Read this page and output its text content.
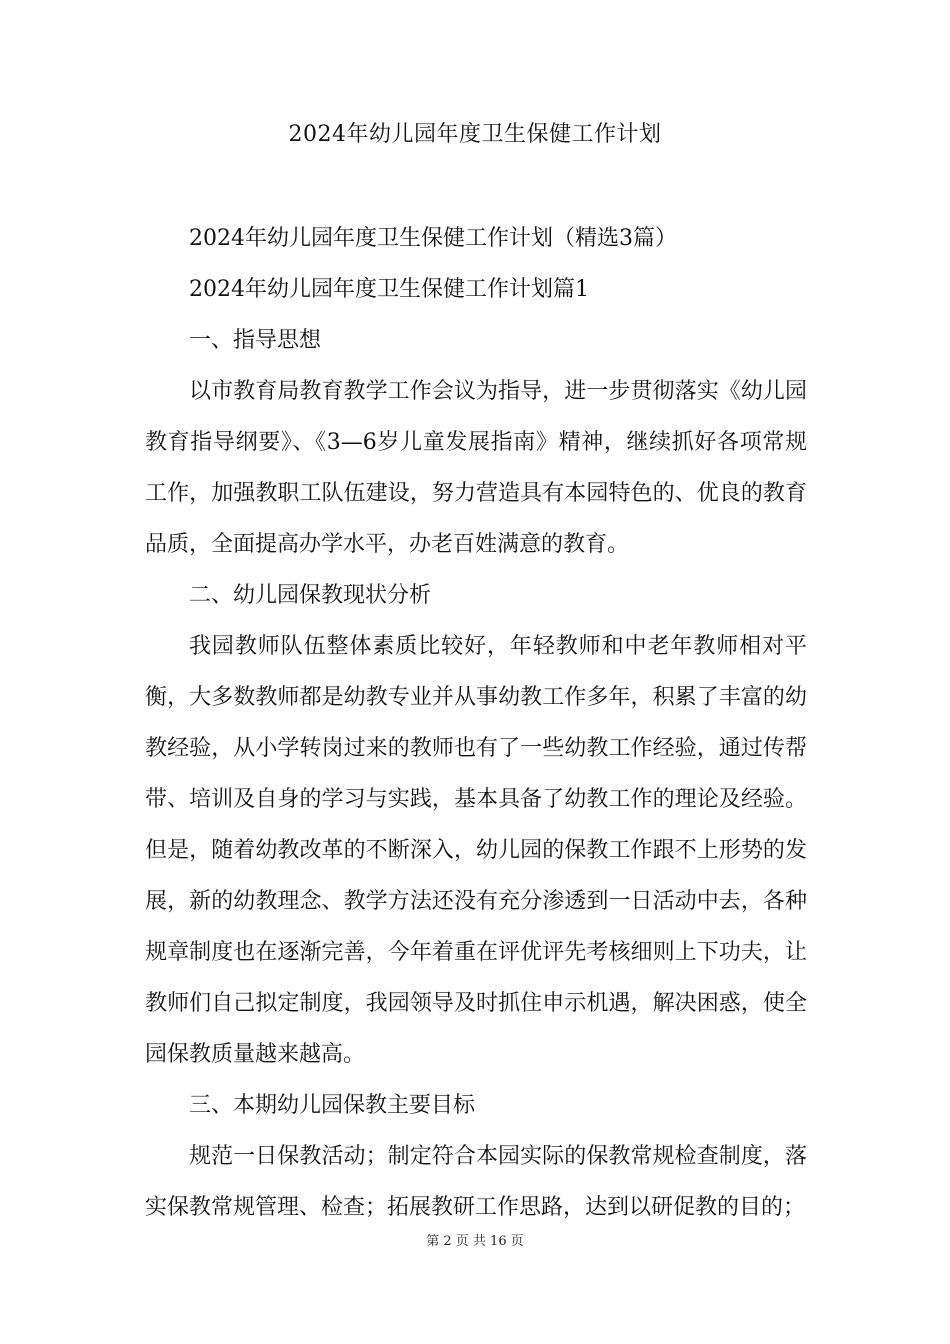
2024年幼儿园年度卫生保健工作计划

2024年幼儿园年度卫生保健工作计划（精选3篇）

2024年幼儿园年度卫生保健工作计划篇1

一、指导思想

以市教育局教育教学工作会议为指导，进一步贯彻落实《幼儿园教育指导纲要》、《3—6岁儿童发展指南》精神，继续抓好各项常规工作，加强教职工队伍建设，努力营造具有本园特色的、优良的教育品质，全面提高办学水平，办老百姓满意的教育。

二、幼儿园保教现状分析

我园教师队伍整体素质比较好，年轻教师和中老年教师相对平衡，大多数教师都是幼教专业并从事幼教工作多年，积累了丰富的幼教经验，从小学转岗过来的教师也有了一些幼教工作经验，通过传帮带、培训及自身的学习与实践，基本具备了幼教工作的理论及经验。但是，随着幼教改革的不断深入，幼儿园的保教工作跟不上形势的发展，新的幼教理念、教学方法还没有充分渗透到一日活动中去，各种规章制度也在逐渐完善，今年着重在评优评先考核细则上下功夫，让教师们自己拟定制度，我园领导及时抓住申示机遇，解决困惑，使全园保教质量越来越高。

三、本期幼儿园保教主要目标

规范一日保教活动；制定符合本园实际的保教常规检查制度，落实保教常规管理、检查；拓展教研工作思路，达到以研促教的目的；

第 2 页 共 16 页
